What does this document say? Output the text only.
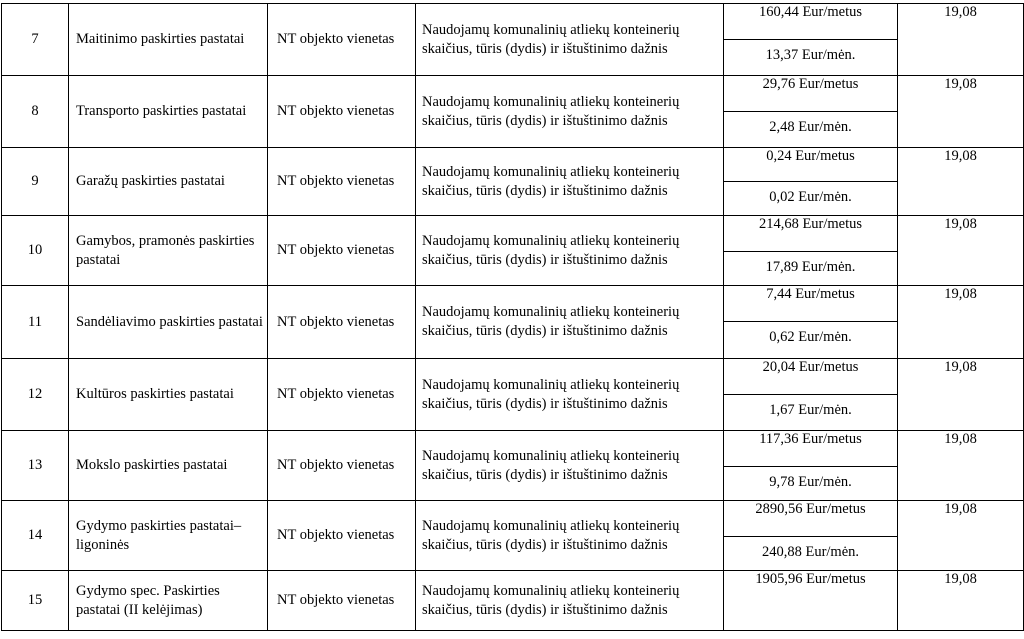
7	Maitinimo paskirties pastatai	NT objekto vienetas	Naudojamų komunalinių atliekų konteinerių skaičius, tūris (dydis) ir ištuštinimo dažnis	160,44 Eur/metus
13,37 Eur/mėn.	19,08
8	Transporto paskirties pastatai	NT objekto vienetas	Naudojamų komunalinių atliekų konteinerių skaičius, tūris (dydis) ir ištuštinimo dažnis	29,76 Eur/metus
2,48 Eur/mėn.	19,08
9	Garažų paskirties pastatai	NT objekto vienetas	Naudojamų komunalinių atliekų konteinerių skaičius, tūris (dydis) ir ištuštinimo dažnis	0,24 Eur/metus
0,02 Eur/mėn.	19,08
10	Gamybos, pramonės paskirties pastatai	NT objekto vienetas	Naudojamų komunalinių atliekų konteinerių skaičius, tūris (dydis) ir ištuštinimo dažnis	214,68 Eur/metus
17,89 Eur/mėn.	19,08
11	Sandėliavimo paskirties pastatai	NT objekto vienetas	Naudojamų komunalinių atliekų konteinerių skaičius, tūris (dydis) ir ištuštinimo dažnis	7,44 Eur/metus
0,62 Eur/mėn.	19,08
12	Kultūros paskirties pastatai	NT objekto vienetas	Naudojamų komunalinių atliekų konteinerių skaičius, tūris (dydis) ir ištuštinimo dažnis	20,04 Eur/metus
1,67 Eur/mėn.	19,08
13	Mokslo paskirties pastatai	NT objekto vienetas	Naudojamų komunalinių atliekų konteinerių skaičius, tūris (dydis) ir ištuštinimo dažnis	117,36 Eur/metus
9,78 Eur/mėn.	19,08
14	Gydymo paskirties pastatai– ligoninės	NT objekto vienetas	Naudojamų komunalinių atliekų konteinerių skaičius, tūris (dydis) ir ištuštinimo dažnis	2890,56 Eur/metus
240,88 Eur/mėn.	19,08
15	Gydymo spec. Paskirties pastatai (II kelėjimas)	NT objekto vienetas	Naudojamų komunalinių atliekų konteinerių skaičius, tūris (dydis) ir ištuštinimo dažnis	1905,96 Eur/metus	19,08
